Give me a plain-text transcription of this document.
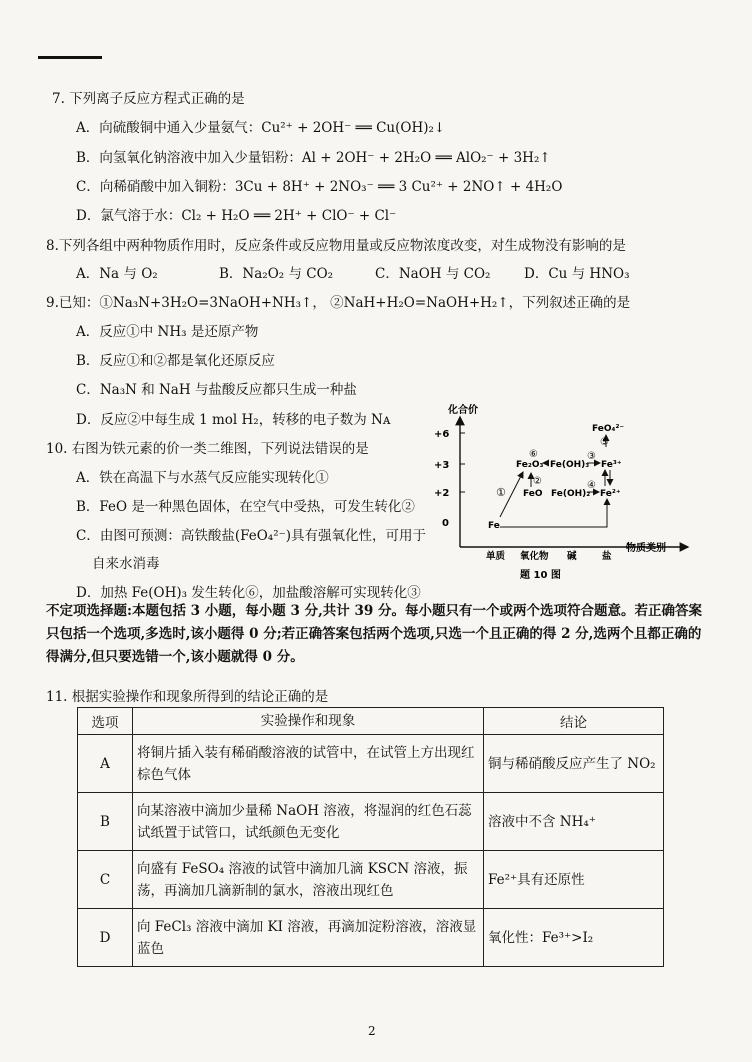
7. 下列离子反应方程式正确的是
A．向硫酸铜中通入少量氨气：Cu²⁺ + 2OH⁻ ══ Cu(OH)₂↓
B．向氢氧化钠溶液中加入少量铝粉：Al + 2OH⁻ + 2H₂O ══ AlO₂⁻ + 3H₂↑
C．向稀硝酸中加入铜粉：3Cu + 8H⁺ + 2NO₃⁻ ══ 3 Cu²⁺ + 2NO↑ + 4H₂O
D．氯气溶于水：Cl₂ + H₂O ══ 2H⁺ + ClO⁻ + Cl⁻
8.下列各组中两种物质作用时，反应条件或反应物用量或反应物浓度改变，对生成物没有影响的是
A．Na 与 O₂	B．Na₂O₂ 与 CO₂	C．NaOH 与 CO₂ D．Cu 与 HNO₃
9.已知：①Na₃N+3H₂O=3NaOH+NH₃↑， ②NaH+H₂O=NaOH+H₂↑，下列叙述正确的是
A．反应①中 NH₃ 是还原产物
B．反应①和②都是氧化还原反应
C．Na₃N 和 NaH 与盐酸反应都只生成一种盐
D．反应②中每生成 1 mol H₂，转移的电子数为 Nᴀ
10. 右图为铁元素的价一类二维图，下列说法错误的是
A．铁在高温下与水蒸气反应能实现转化①
B．FeO 是一种黑色固体，在空气中受热，可发生转化②
C．由图可预测：高铁酸盐(FeO₄²⁻)具有强氧化性，可用于
自来水消毒
D．加热 Fe(OH)₃ 发生转化⑥，加盐酸溶解可实现转化③
化合价
物质类别
+6
+3
+2
0
单质 氧化物 碱	盐
FeO₄²⁻
Fe₂O₃ Fe(OH)₃ Fe³⁺
FeO Fe(OH)₂ Fe²⁺
Fe
①
②
③
④
⑤
⑥
题 10 图
不定项选择题:本题包括 3 小题，每小题 3 分,共计 39 分。每小题只有一个或两个选项符合题意。若正确答案只包括一个选项,多选时,该小题得 0 分;若正确答案包括两个选项,只选一个且正确的得 2 分,选两个且都正确的得满分,但只要选错一个,该小题就得 0 分。
11. 根据实验操作和现象所得到的结论正确的是
选项	实验操作和现象	结论
A	将铜片插入装有稀硝酸溶液的试管中，在试管上方出现红棕色气体	铜与稀硝酸反应产生了 NO₂
B	向某溶液中滴加少量稀 NaOH 溶液，将湿润的红色石蕊试纸置于试管口，试纸颜色无变化	溶液中不含 NH₄⁺
C	向盛有 FeSO₄ 溶液的试管中滴加几滴 KSCN 溶液，振荡，再滴加几滴新制的氯水，溶液出现红色	Fe²⁺具有还原性
D	向 FeCl₃ 溶液中滴加 KI 溶液，再滴加淀粉溶液，溶液显蓝色	氧化性：Fe³⁺>I₂
2
